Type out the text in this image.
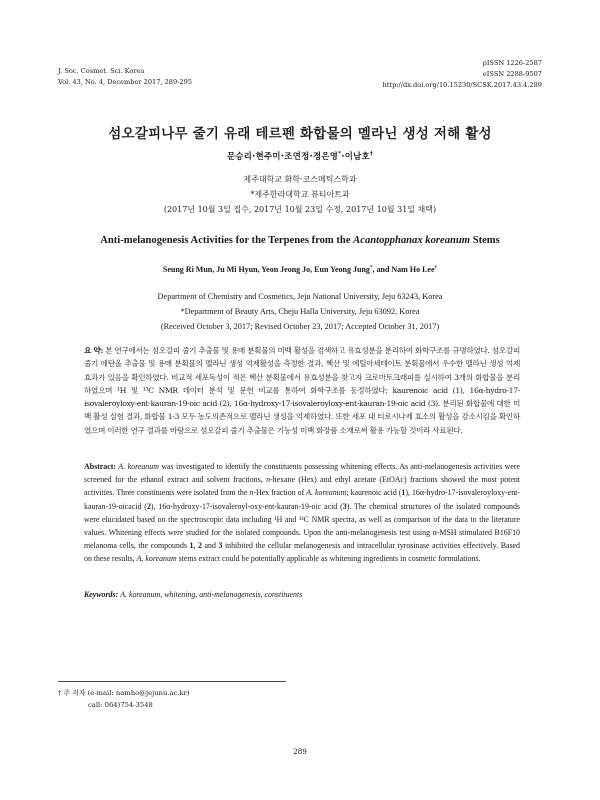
J. Soc. Cosmet. Sci. Korea
Vol. 43, No. 4, December 2017, 289-295
pISSN 1226-2587
eISSN 2288-9507
http://dx.doi.org/10.15230/SCSK.2017.43.4.289
섬오갈피나무 줄기 유래 테르펜 화합물의 멜라닌 생성 저해 활성
문승리·현주미·조연정·정은영*·이남호†
제주대학교 화학·코스메틱스학과
*제주한라대학교 뷰티아트과
(2017년 10월 3일 접수, 2017년 10월 23일 수정, 2017년 10월 31일 채택)
Anti-melanogenesis Activities for the Terpenes from the Acantopphanax koreanum Stems
Seung Ri Mun, Ju Mi Hyun, Yeon Jeong Jo, Eun Yeong Jung*, and Nam Ho Lee†
Department of Chemistry and Cosmetics, Jeju National University, Jeju 63243, Korea
*Department of Beauty Arts, Cheju Halla University, Jeju 63092, Korea
(Received October 3, 2017; Revised October 23, 2017; Accepted October 31, 2017)
요 약: 본 연구에서는 섬오갈피 줄기 추출물 및 용매 분획물의 미백 활성을 검색하고 유효성분을 분리하여 화학구조를 규명하였다. 섬오갈피 줄기 에탄올 추출물 및 용매 분획물의 멜라닌 생성 억제활성을 측정한 결과, 헥산 및 에틸아세테이트 분획물에서 우수한 멜라닌 생성 억제 효과가 있음을 확인하였다. 비교적 세포독성이 적은 헥산 분획물에서 유효성분을 찾고자 크로마토크래피를 실시하여 3개의 화합물을 분리하였으며 ¹H 및 ¹³C NMR 데이터 분석 및 문헌 비교를 통하여 화학구조를 동정하였다; kaurenoic acid (1), 16α-hydro-17-isovaleroyloxy-ent-kauran-19-oic acid (2), 16α-hydroxy-17-isovaleroyloxy-ent-kauran-19-oic acid (3). 분리된 화합물에 대한 미백 활성 실험 결과, 화합물 1-3 모두 농도의존적으로 멜라닌 생성을 억제하였다. 또한 세포 내 티로시나제 효소의 활성을 감소시킴을 확인하였으며 이러한 연구 결과를 바탕으로 섬오갈피 줄기 추출물은 기능성 미백 화장품 소재로써 활용 가능할 것이라 사료된다.
Abstract: A. koreanum was investigated to identify the constituents possessing whitening effects. As anti-melanogenesis activities were screened for the ethanol extract and solvent fractions, n-hexane (Hex) and ethyl acetate (EtOAc) fractions showed the most potent activities. Three constituents were isolated from the n-Hex fraction of A. koreanum; kaurenoic acid (1), 16α-hydro-17-isovaleroyloxy-ent-kauran-19-oicacid (2), 16α-hydroxy-17-isovaleroyl-oxy-ent-kauran-19-oic acid (3). The chemical structures of the isolated compounds were elucidated based on the spectroscopic data including ¹H and ¹³C NMR spectra, as well as comparison of the data to the literature values. Whitening effects were studied for the isolated compounds. Upon the anti-melanogenesis test using α-MSH stimulated B16F10 melanoma cells, the compounds 1, 2 and 3 inhibited the cellular melanogenesis and intracellular tyrosinase activities effectively. Based on these results, A. koreanum stems extract could be potentially applicable as whitening ingredients in cosmetic formulations.
Keywords: A. koreanum, whitening, anti-melanogenesis, constituents
† 주 저자 (e-mail: namho@jejunu.ac.kr)
call: 064)754-3548
289
